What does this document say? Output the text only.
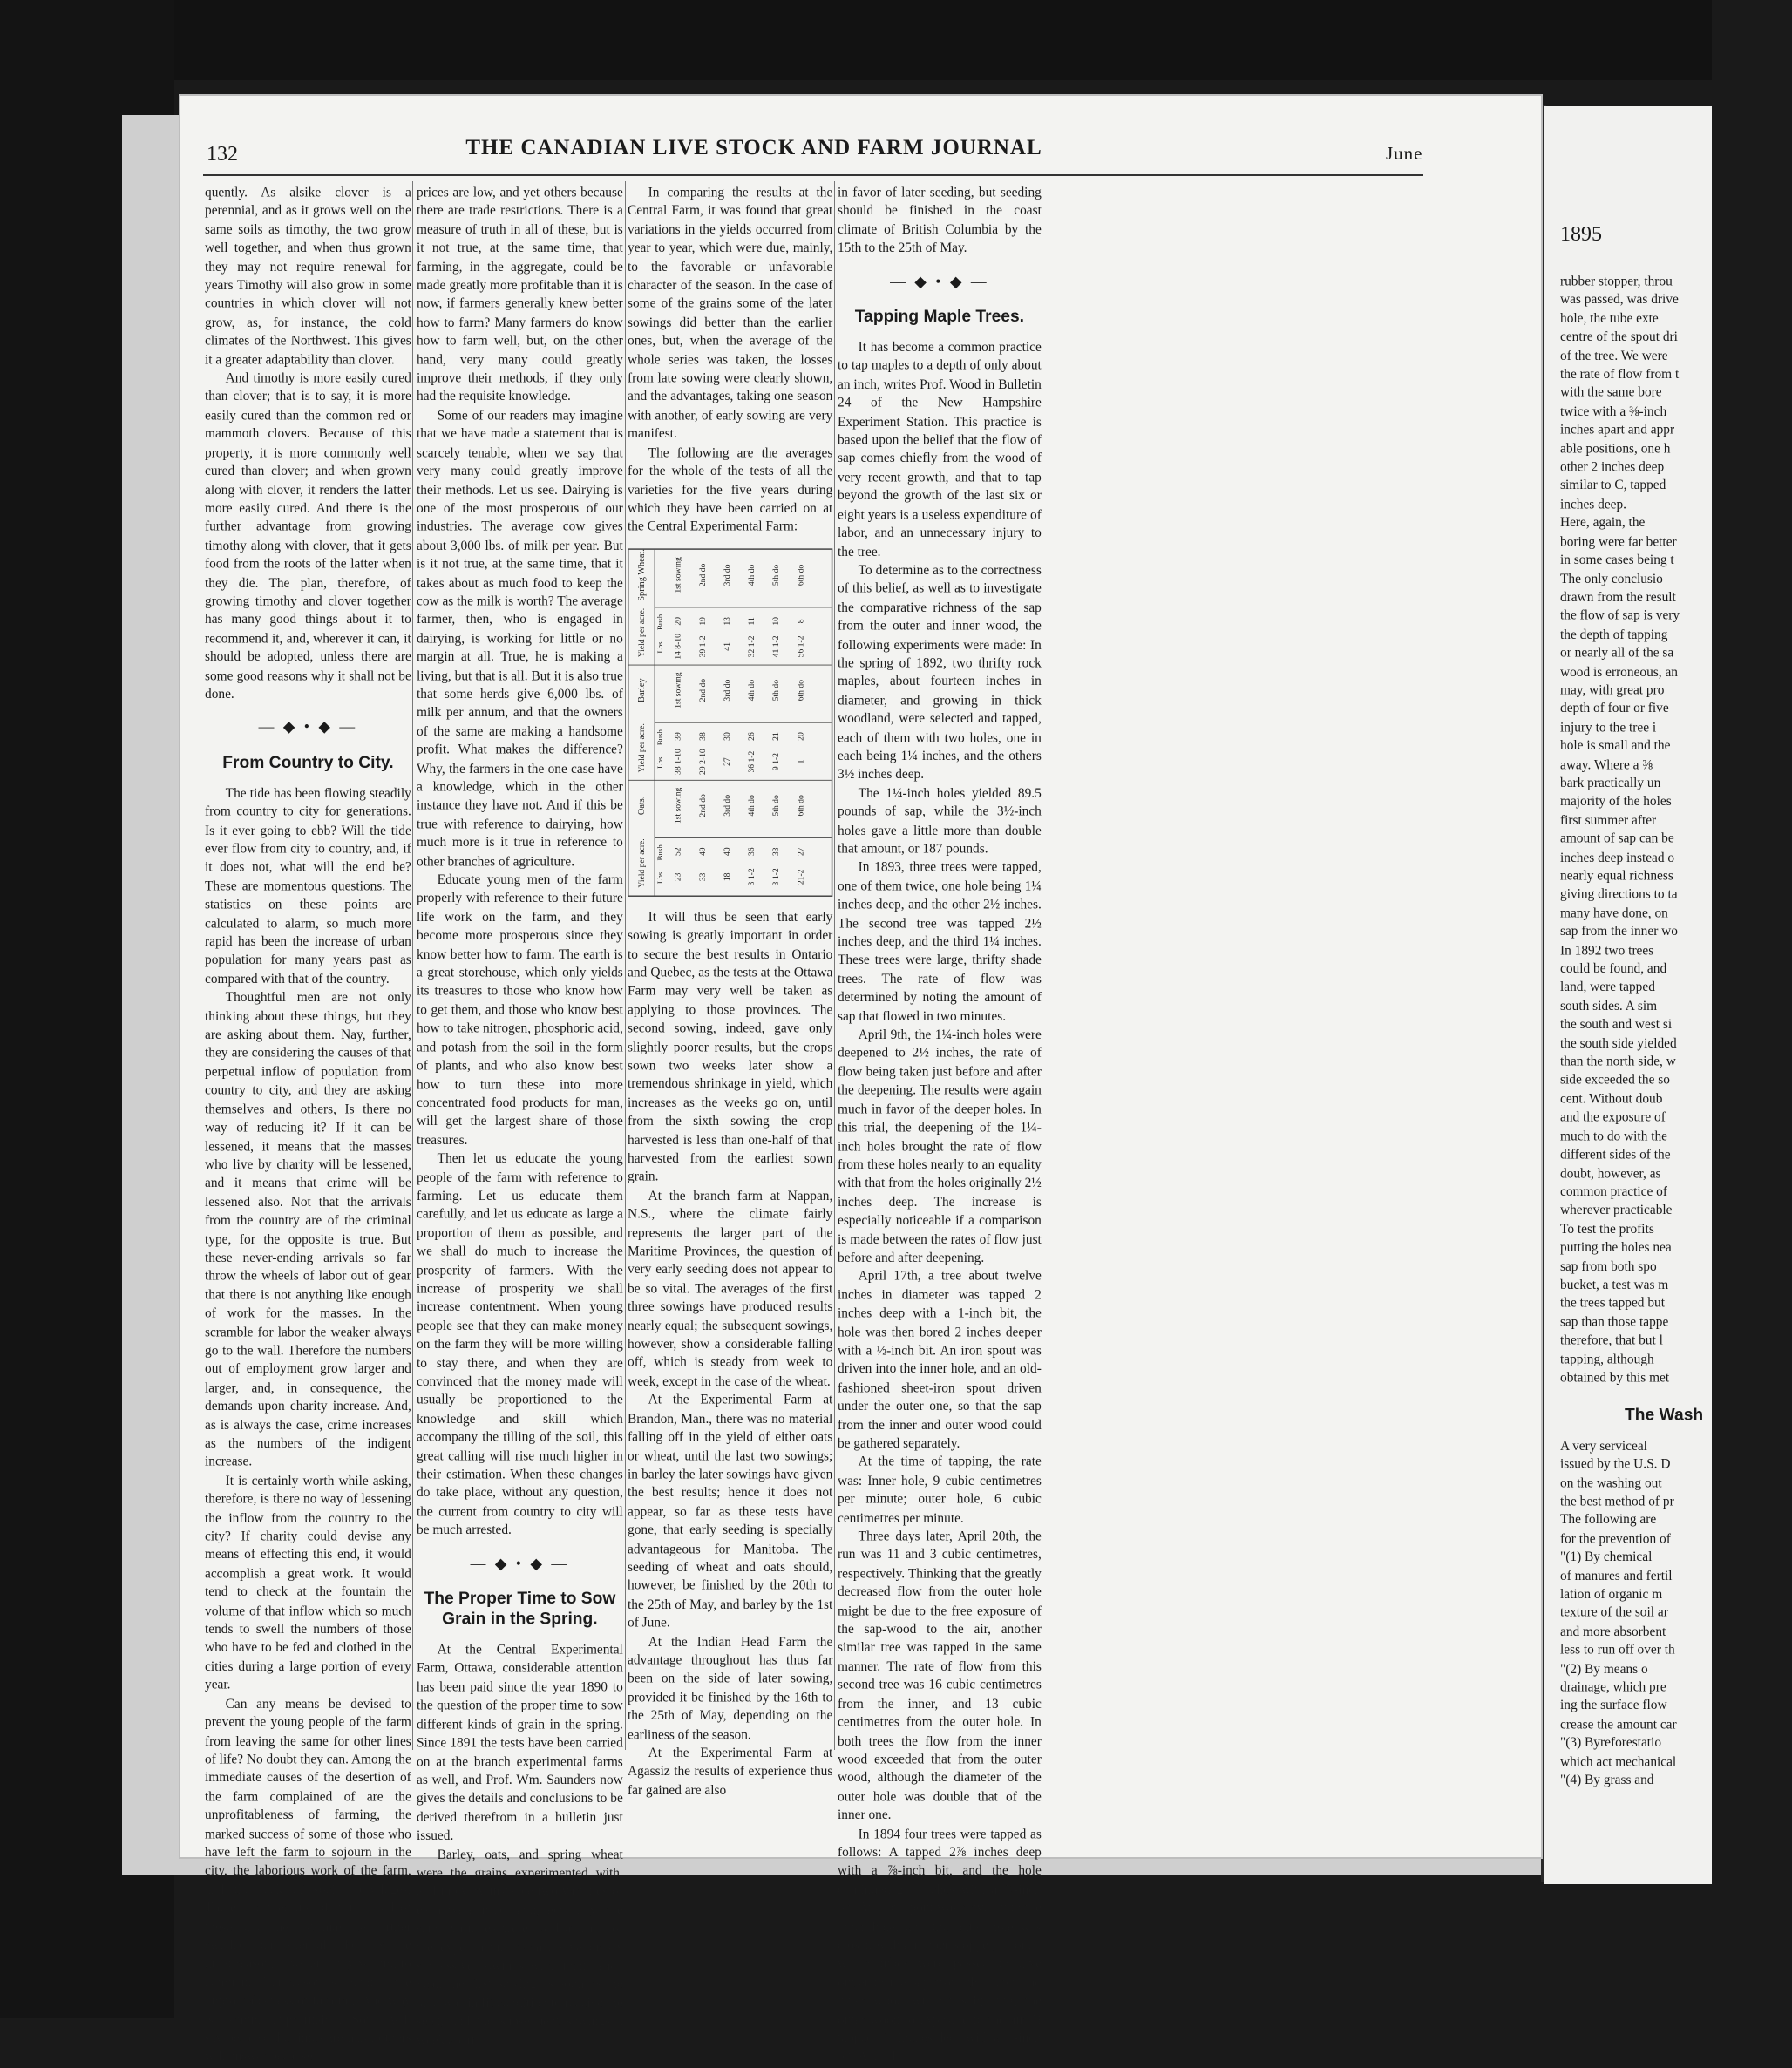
132	THE CANADIAN LIVE STOCK AND FARM JOURNAL	June

quently. As alsike clover is a perennial, and as it grows well on the same soils as timothy, the two grow well together, and when thus grown they may not require renewal for years Timothy will also grow in some countries in which clover will not grow, as, for instance, the cold climates of the Northwest. This gives it a greater adaptability than clover.

And timothy is more easily cured than clover; that is to say, it is more easily cured than the common red or mammoth clovers. Because of this property, it is more commonly well cured than clover; and when grown along with clover, it renders the latter more easily cured. And there is the further advantage from growing timothy along with clover, that it gets food from the roots of the latter when they die. The plan, therefore, of growing timothy and clover together has many good things about it to recommend it, and, wherever it can, it should be adopted, unless there are some good reasons why it shall not be done.

— ◆ • ◆ —
From Country to City.

The tide has been flowing steadily from country to city for generations. Is it ever going to ebb? Will the tide ever flow from city to country, and, if it does not, what will the end be? These are momentous questions. The statistics on these points are calculated to alarm, so much more rapid has been the increase of urban population for many years past as compared with that of the country.

Thoughtful men are not only thinking about these things, but they are asking about them. Nay, further, they are considering the causes of that perpetual inflow of population from country to city, and they are asking themselves and others, Is there no way of reducing it? If it can be lessened, it means that the masses who live by charity will be lessened, and it means that crime will be lessened also. Not that the arrivals from the country are of the criminal type, for the opposite is true. But these never-ending arrivals so far throw the wheels of labor out of gear that there is not anything like enough of work for the masses. In the scramble for labor the weaker always go to the wall. Therefore the numbers out of employment grow larger and larger, and, in consequence, the demands upon charity increase. And, as is always the case, crime increases as the numbers of the indigent increase.

It is certainly worth while asking, therefore, is there no way of lessening the inflow from the country to the city? If charity could devise any means of effecting this end, it would accomplish a great work. It would tend to check at the fountain the volume of that inflow which so much tends to swell the numbers of those who have to be fed and clothed in the cities during a large portion of every year.

Can any means be devised to prevent the young people of the farm from leaving the same for other lines of life? No doubt they can. Among the immediate causes of the desertion of the farm complained of are the unprofitableness of farming, the marked success of some of those who have left the farm to sojourn in the city, the laborious work of the farm, and the lack of social privileges. There is a measure of truth in all of these, and the list may be further swelled, but, after all, there is one great reason, if we are only willing to admit it. That reason is found in the unprofitableness of farming. And why is farming unprofitable? Some will say because the times are hard, others will answer because

prices are low, and yet others because there are trade restrictions. There is a measure of truth in all of these, but is it not true, at the same time, that farming, in the aggregate, could be made greatly more profitable than it is now, if farmers generally knew better how to farm? Many farmers do know how to farm well, but, on the other hand, very many could greatly improve their methods, if they only had the requisite knowledge.

Some of our readers may imagine that we have made a statement that is scarcely tenable, when we say that very many could greatly improve their methods. Let us see. Dairying is one of the most prosperous of our industries. The average cow gives about 3,000 lbs. of milk per year. But is it not true, at the same time, that it takes about as much food to keep the cow as the milk is worth? The average farmer, then, who is engaged in dairying, is working for little or no margin at all. True, he is making a living, but that is all. But it is also true that some herds give 6,000 lbs. of milk per annum, and that the owners of the same are making a handsome profit. What makes the difference? Why, the farmers in the one case have a knowledge, which in the other instance they have not. And if this be true with reference to dairying, how much more is it true in reference to other branches of agriculture.

Educate young men of the farm properly with reference to their future life work on the farm, and they become more prosperous since they know better how to farm. The earth is a great storehouse, which only yields its treasures to those who know how to get them, and those who know best how to take nitrogen, phosphoric acid, and potash from the soil in the form of plants, and who also know best how to turn these into more concentrated food products for man, will get the largest share of those treasures.

Then let us educate the young people of the farm with reference to farming. Let us educate them carefully, and let us educate as large a proportion of them as possible, and we shall do much to increase the prosperity of farmers. With the increase of prosperity we shall increase contentment. When young people see that they can make money on the farm they will be more willing to stay there, and when they are convinced that the money made will usually be proportioned to the knowledge and skill which accompany the tilling of the soil, this great calling will rise much higher in their estimation. When these changes do take place, without any question, the current from country to city will be much arrested.

— ◆ • ◆ —
The Proper Time to Sow Grain in the Spring.

At the Central Experimental Farm, Ottawa, considerable attention has been paid since the year 1890 to the question of the proper time to sow different kinds of grain in the spring. Since 1891 the tests have been carried on at the branch experimental farms as well, and Prof. Wm. Saunders now gives the details and conclusions to be derived therefrom in a bulletin just issued.

Barley, oats, and spring wheat were the grains experimented with, and in every instance two varieties of each were used, and, generally, the same varieties were used at each of the experimental farms. Five or six successive sowings were made each year, the first sowing as soon as the land was in fit condition to receive the seed, and the subsequent sowings a week apart.

In comparing the results at the Central Farm, it was found that great variations in the yields occurred from year to year, which were due, mainly, to the favorable or unfavorable character of the season. In the case of some of the grains some of the later sowings did better than the earlier ones, but, when the average of the whole series was taken, the losses from late sowing were clearly shown, and the advantages, taking one season with another, of early sowing are very manifest.

The following are the averages for the whole of the tests of all the varieties for the five years during which they have been carried on at the Central Experimental Farm:

Spring Wheat.
Yield per acre. Bush.
Lbs.
1st sowing
20
14 8-10
2nd do
19
39 1-2
3rd do
13
41
4th do
11
32 1-2
5th do
10
41 1-2
6th do
8
56 1-2
Barley
Yield per acre. Bush.
Lbs.
1st sowing
39
38 1-10
2nd do
38
29 2-10
3rd do
30
27
4th do
26
36 1-2
5th do
21
9 1-2
6th do
20
1
Oats.
Yield per acre. Bush.
Lbs.
1st sowing
52
23
2nd do
49
33
3rd do
40
18
4th do
36
3 1-2
5th do
33
3 1-2
6th do
27
21-2

It will thus be seen that early sowing is greatly important in order to secure the best results in Ontario and Quebec, as the tests at the Ottawa Farm may very well be taken as applying to those provinces. The second sowing, indeed, gave only slightly poorer results, but the crops sown two weeks later show a tremendous shrinkage in yield, which increases as the weeks go on, until from the sixth sowing the crop harvested is less than one-half of that harvested from the earliest sown grain.

At the branch farm at Nappan, N.S., where the climate fairly represents the larger part of the Maritime Provinces, the question of very early seeding does not appear to be so vital. The averages of the first three sowings have produced results nearly equal; the subsequent sowings, however, show a considerable falling off, which is steady from week to week, except in the case of the wheat.

At the Experimental Farm at Brandon, Man., there was no material falling off in the yield of either oats or wheat, until the last two sowings; in barley the later sowings have given the best results; hence it does not appear, so far as these tests have gone, that early seeding is specially advantageous for Manitoba. The seeding of wheat and oats should, however, be finished by the 20th to the 25th of May, and barley by the 1st of June.

At the Indian Head Farm the advantage throughout has thus far been on the side of later sowing, provided it be finished by the 16th to the 25th of May, depending on the earliness of the season.

At the Experimental Farm at Agassiz the results of experience thus far gained are also

in favor of later seeding, but seeding should be finished in the coast climate of British Columbia by the 15th to the 25th of May.

— ◆ • ◆ —
Tapping Maple Trees.

It has become a common practice to tap maples to a depth of only about an inch, writes Prof. Wood in Bulletin 24 of the New Hampshire Experiment Station. This practice is based upon the belief that the flow of sap comes chiefly from the wood of very recent growth, and that to tap beyond the growth of the last six or eight years is a useless expenditure of labor, and an unnecessary injury to the tree.

To determine as to the correctness of this belief, as well as to investigate the comparative richness of the sap from the outer and inner wood, the following experiments were made: In the spring of 1892, two thrifty rock maples, about fourteen inches in diameter, and growing in thick woodland, were selected and tapped, each of them with two holes, one in each being 1¼ inches, and the others 3½ inches deep.

The 1¼-inch holes yielded 89.5 pounds of sap, while the 3½-inch holes gave a little more than double that amount, or 187 pounds.

In 1893, three trees were tapped, one of them twice, one hole being 1¼ inches deep, and the other 2½ inches. The second tree was tapped 2½ inches deep, and the third 1¼ inches. These trees were large, thrifty shade trees. The rate of flow was determined by noting the amount of sap that flowed in two minutes.

April 9th, the 1¼-inch holes were deepened to 2½ inches, the rate of flow being taken just before and after the deepening. The results were again much in favor of the deeper holes. In this trial, the deepening of the 1¼-inch holes brought the rate of flow from these holes nearly to an equality with that from the holes originally 2½ inches deep. The increase is especially noticeable if a comparison is made between the rates of flow just before and after deepening.

April 17th, a tree about twelve inches in diameter was tapped 2 inches deep with a 1-inch bit, the hole was then bored 2 inches deeper with a ½-inch bit. An iron spout was driven into the inner hole, and an old-fashioned sheet-iron spout driven under the outer one, so that the sap from the inner and outer wood could be gathered separately.

At the time of tapping, the rate was: Inner hole, 9 cubic centimetres per minute; outer hole, 6 cubic centimetres per minute.

Three days later, April 20th, the run was 11 and 3 cubic centimetres, respectively. Thinking that the greatly decreased flow from the outer hole might be due to the free exposure of the sap-wood to the air, another similar tree was tapped in the same manner. The rate of flow from this second tree was 16 cubic centimetres from the inner, and 13 cubic centimetres from the outer hole. In both trees the flow from the inner wood exceeded that from the outer wood, although the diameter of the outer hole was double that of the inner one.

In 1894 four trees were tapped as follows: A tapped 2⅞ inches deep with a ⅞-inch bit, and the hole continued 2⅞ inches with a ⅜-inch bit. An iron spout was driven into the inner hole, and the outer hole was closed with a rubber stopper, through which tubes were passed to give outlet to the sap from the outer and inner wood without subjecting the outer wood to exposure to the air: B tapped 5⅜ inches deep with a ⅜-inch bit. A third

1895

rubber stopper, throu

was passed, was drive

hole, the tube exte

centre of the spout dri

of the tree. We were

the rate of flow from t

with the same bore

twice with a ⅜-inch

inches apart and appr

able positions, one h

other 2 inches deep

similar to C, tapped

inches deep.

Here, again, the

boring were far better

in some cases being t

The only conclusio

drawn from the result

the flow of sap is very

the depth of tapping

or nearly all of the sa

wood is erroneous, an

may, with great pro

depth of four or five

injury to the tree i

hole is small and the

away. Where a ⅜

bark practically un

majority of the holes

first summer after

amount of sap can be

inches deep instead o

nearly equal richness

giving directions to ta

many have done, on

sap from the inner wo

In 1892 two trees

could be found, and

land, were tapped

south sides. A sim

the south and west si

the south side yielded

than the north side, w

side exceeded the so

cent. Without doub

and the exposure of

much to do with the

different sides of the

doubt, however, as

common practice of

wherever practicable

To test the profits

putting the holes nea

sap from both spo

bucket, a test was m

the trees tapped but

sap than those tappe

therefore, that but l

tapping, although

obtained by this met

The Wash

A very serviceal

issued by the U.S. D

on the washing out

the best method of pr

The following are

for the prevention of

"(1) By chemical

of manures and fertil

lation of organic m

texture of the soil ar

and more absorbent

less to run off over th

"(2) By means o

drainage, which pre

ing the surface flow

crease the amount car

"(3) Byreforestatio

which act mechanical

"(4) By grass and
